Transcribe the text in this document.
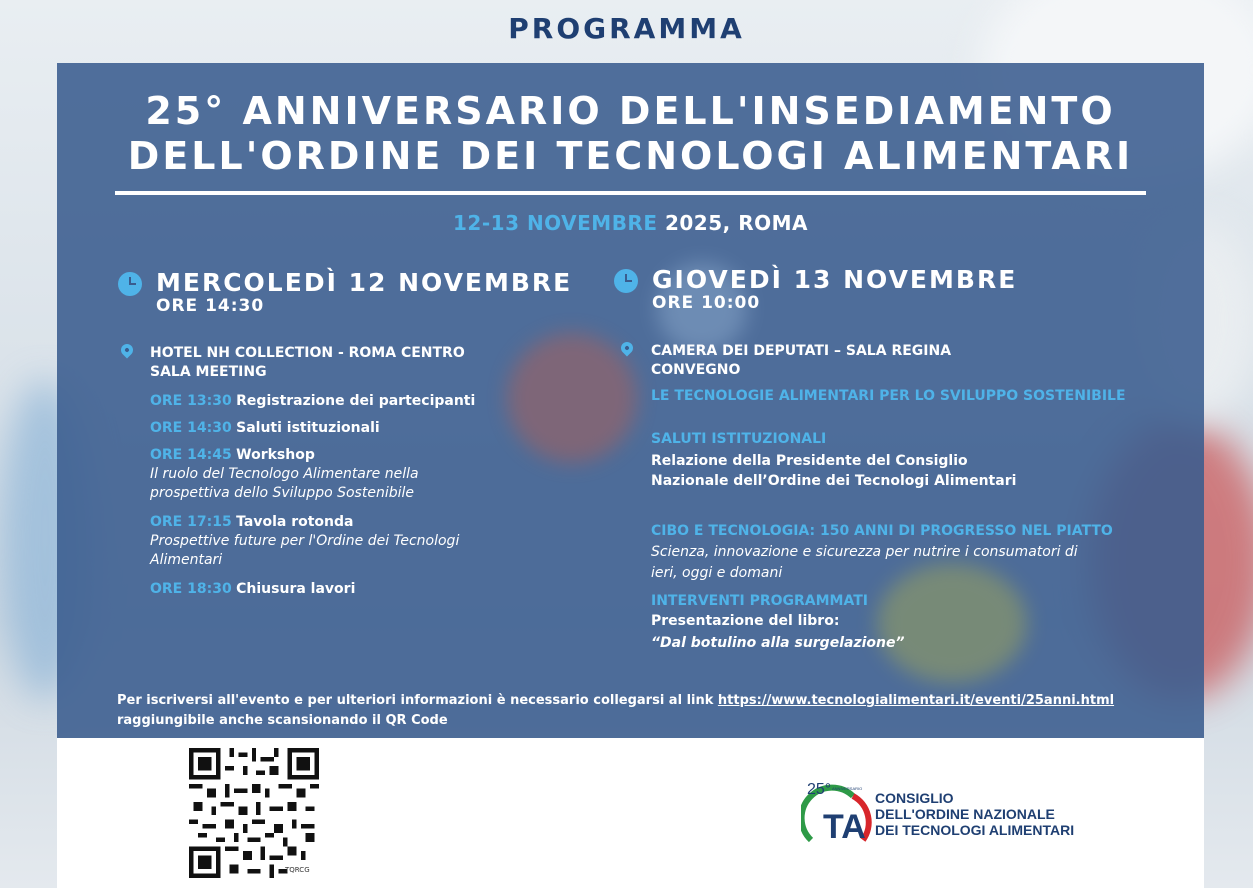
PROGRAMMA
25° ANNIVERSARIO DELL'INSEDIAMENTO
DELL'ORDINE DEI TECNOLOGI ALIMENTARI
12-13 NOVEMBRE 2025, ROMA
MERCOLEDÌ 12 NOVEMBRE
ORE 14:30
HOTEL NH COLLECTION - ROMA CENTRO
SALA MEETING
ORE 13:30 Registrazione dei partecipanti
ORE 14:30 Saluti istituzionali
ORE 14:45 Workshop
Il ruolo del Tecnologo Alimentare nella
prospettiva dello Sviluppo Sostenibile
ORE 17:15 Tavola rotonda
Prospettive future per l'Ordine dei Tecnologi
Alimentari
ORE 18:30 Chiusura lavori
GIOVEDÌ 13 NOVEMBRE
ORE 10:00
CAMERA DEI DEPUTATI – SALA REGINA
CONVEGNO
LE TECNOLOGIE ALIMENTARI PER LO SVILUPPO SOSTENIBILE
SALUTI ISTITUZIONALI
Relazione della Presidente del Consiglio
Nazionale dell’Ordine dei Tecnologi Alimentari
CIBO E TECNOLOGIA: 150 ANNI DI PROGRESSO NEL PIATTO
Scienza, innovazione e sicurezza per nutrire i consumatori di
ieri, oggi e domani
INTERVENTI PROGRAMMATI
Presentazione del libro:
“Dal botulino alla surgelazione”
Per iscriversi all'evento e per ulteriori informazioni è necessario collegarsi al link https://www.tecnologialimentari.it/eventi/25anni.html
raggiungibile anche scansionando il QR Code
TQRCG
TA
25° ANNIVERSARIO
CONSIGLIO
DELL'ORDINE NAZIONALE
DEI TECNOLOGI ALIMENTARI
